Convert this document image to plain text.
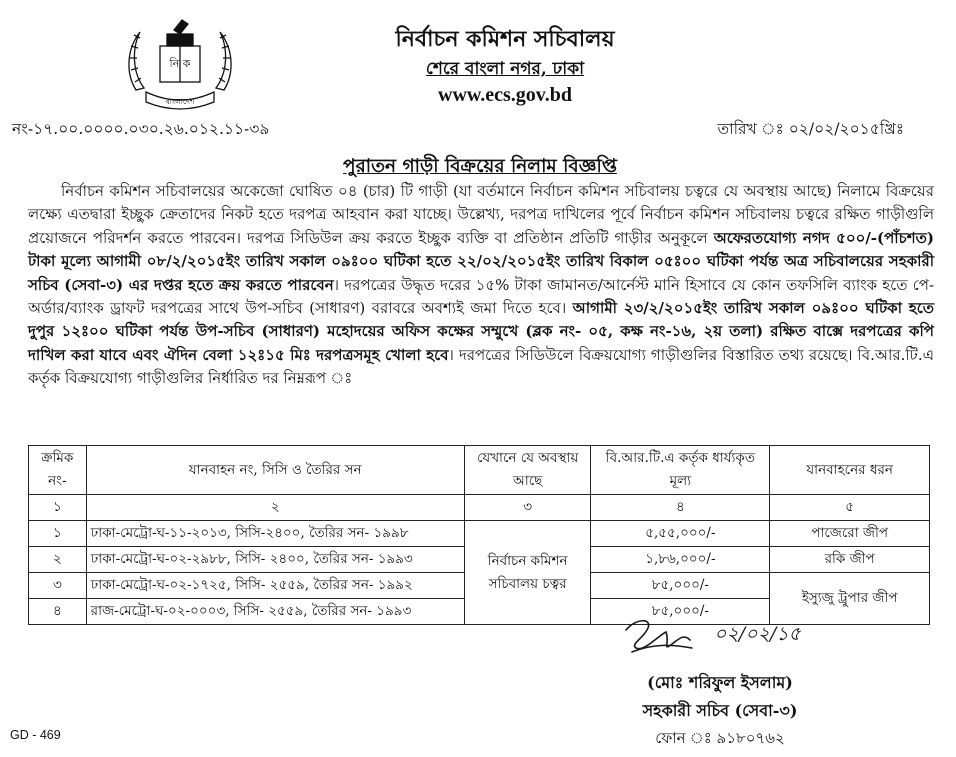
নি ক
বাংলাদেশ
নির্বাচন কমিশন সচিবালয়
শেরে বাংলা নগর, ঢাকা
www.ecs.gov.bd
নং-১৭.০০.০০০০.০৩০.২৬.০১২.১১-৩৯	তারিখ ঃ ০২/০২/২০১৫খ্রিঃ
পুরাতন গাড়ী বিক্রয়ের নিলাম বিজ্ঞপ্তি

নির্বাচন কমিশন সচিবালয়ের অকেজো ঘোষিত ০৪ (চার) টি গাড়ী (যা বর্তমানে নির্বাচন কমিশন সচিবালয় চত্বরে যে অবস্থায় আছে) নিলামে বিক্রয়ের লক্ষ্যে এতদ্বারা ইচ্ছুক ক্রেতাদের নিকট হতে দরপত্র আহবান করা যাচ্ছে। উল্লেখ্য, দরপত্র দাখিলের পূর্বে নির্বাচন কমিশন সচিবালয় চত্বরে রক্ষিত গাড়ীগুলি প্রয়োজনে পরিদর্শন করতে পারবেন। দরপত্র সিডিউল ক্রয় করতে ইচ্ছুক ব্যক্তি বা প্রতিষ্ঠান প্রতিটি গাড়ীর অনুকূলে অফেরতযোগ্য নগদ ৫০০/-(পাঁচশত) টাকা মূল্যে আগামী ০৮/২/২০১৫ইং তারিখ সকাল ০৯ঃ০০ ঘটিকা হতে ২২/০২/২০১৫ইং তারিখ বিকাল ০৫ঃ০০ ঘটিকা পর্যন্ত অত্র সচিবালয়ের সহকারী সচিব (সেবা-৩) এর দপ্তর হতে ক্রয় করতে পারবেন। দরপত্রের উদ্ধৃত দরের ১৫% টাকা জামানত/আর্নেস্ট মানি হিসাবে যে কোন তফসিলি ব্যাংক হতে পে-অর্ডার/ব্যাংক ড্রাফট দরপত্রের সাথে উপ-সচিব (সাধারণ) বরাবরে অবশ্যই জমা দিতে হবে। আগামী ২৩/২/২০১৫ইং তারিখ সকাল ০৯ঃ০০ ঘটিকা হতে দুপুর ১২ঃ০০ ঘটিকা পর্যন্ত উপ-সচিব (সাধারণ) মহোদয়ের অফিস কক্ষের সম্মুখে (ব্লক নং- ০৫, কক্ষ নং-১৬, ২য় তলা) রক্ষিত বাক্সে দরপত্রের কপি দাখিল করা যাবে এবং ঐদিন বেলা ১২ঃ১৫ মিঃ দরপত্রসমূহ খোলা হবে। দরপত্রের সিডিউলে বিক্রয়যোগ্য গাড়ীগুলির বিস্তারিত তথ্য রয়েছে। বি.আর.টি.এ কর্তৃক বিক্রয়যোগ্য গাড়ীগুলির নির্ধারিত দর নিম্নরূপ ঃ

ক্রমিক নং-	যানবাহন নং, সিসি ও তৈরির সন	যেখানে যে অবস্থায় আছে	বি.আর.টি.এ কর্তৃক ধার্য্যকৃত মূল্য	যানবাহনের ধরন
১	২	৩	৪	৫
১	ঢাকা-মেট্রো-ঘ-১১-২০১৩, সিসি-২৪০০, তৈরির সন- ১৯৯৮	নির্বাচন কমিশন সচিবালয় চত্বর	৫,৫৫,০০০/-	পাজেরো জীপ
২	ঢাকা-মেট্রো-ঘ-০২-২৯৮৮, সিসি- ২৪০০, তৈরির সন- ১৯৯৩		১,৮৬,০০০/-	রকি জীপ
৩	ঢাকা-মেট্রো-ঘ-০২-১৭২৫, সিসি- ২৫৫৯, তৈরির সন- ১৯৯২		৮৫,০০০/-	ইস্যুজু ট্রুপার জীপ
৪	রাজ-মেট্রো-ঘ-০২-০০০৩, সিসি- ২৫৫৯, তৈরির সন- ১৯৯৩		৮৫,০০০/-	
০২/০২/১৫
(মোঃ শরিফুল ইসলাম)
সহকারী সচিব (সেবা-৩)
ফোন ঃ ৯১৮০৭৬২
GD - 469
